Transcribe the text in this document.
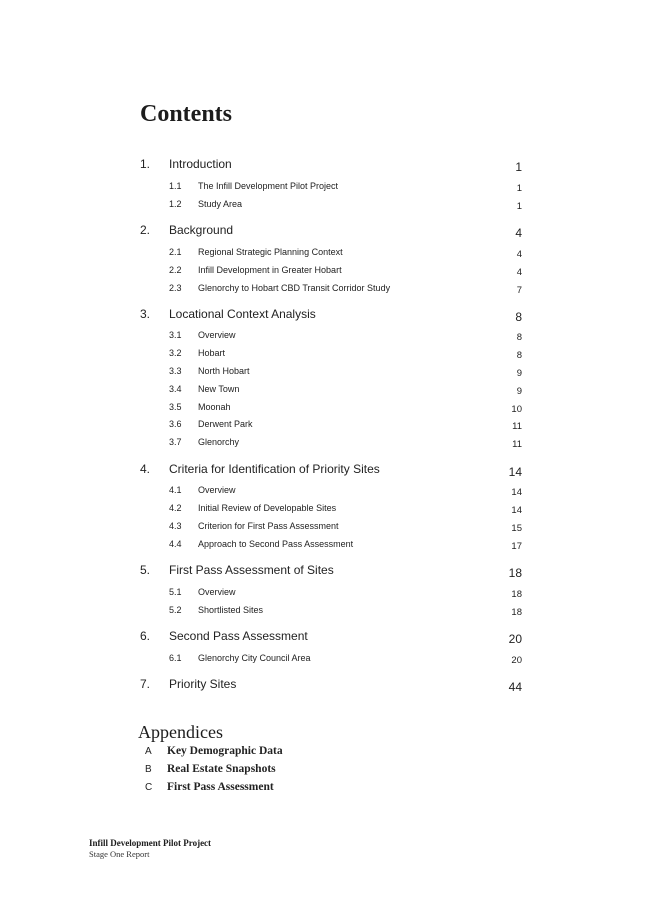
Contents
1. Introduction	1
1.1 The Infill Development Pilot Project	1
1.2 Study Area	1
2. Background	4
2.1 Regional Strategic Planning Context	4
2.2 Infill Development in Greater Hobart	4
2.3 Glenorchy to Hobart CBD Transit Corridor Study	7
3. Locational Context Analysis	8
3.1 Overview	8
3.2 Hobart	8
3.3 North Hobart	9
3.4 New Town	9
3.5 Moonah	10
3.6 Derwent Park	11
3.7 Glenorchy	11
4. Criteria for Identification of Priority Sites	14
4.1 Overview	14
4.2 Initial Review of Developable Sites	14
4.3 Criterion for First Pass Assessment	15
4.4 Approach to Second Pass Assessment	17
5. First Pass Assessment of Sites	18
5.1 Overview	18
5.2 Shortlisted Sites	18
6. Second Pass Assessment	20
6.1 Glenorchy City Council Area	20
7. Priority Sites	44
Appendices
A Key Demographic Data
B Real Estate Snapshots
C First Pass Assessment
Infill Development Pilot Project
Stage One Report
